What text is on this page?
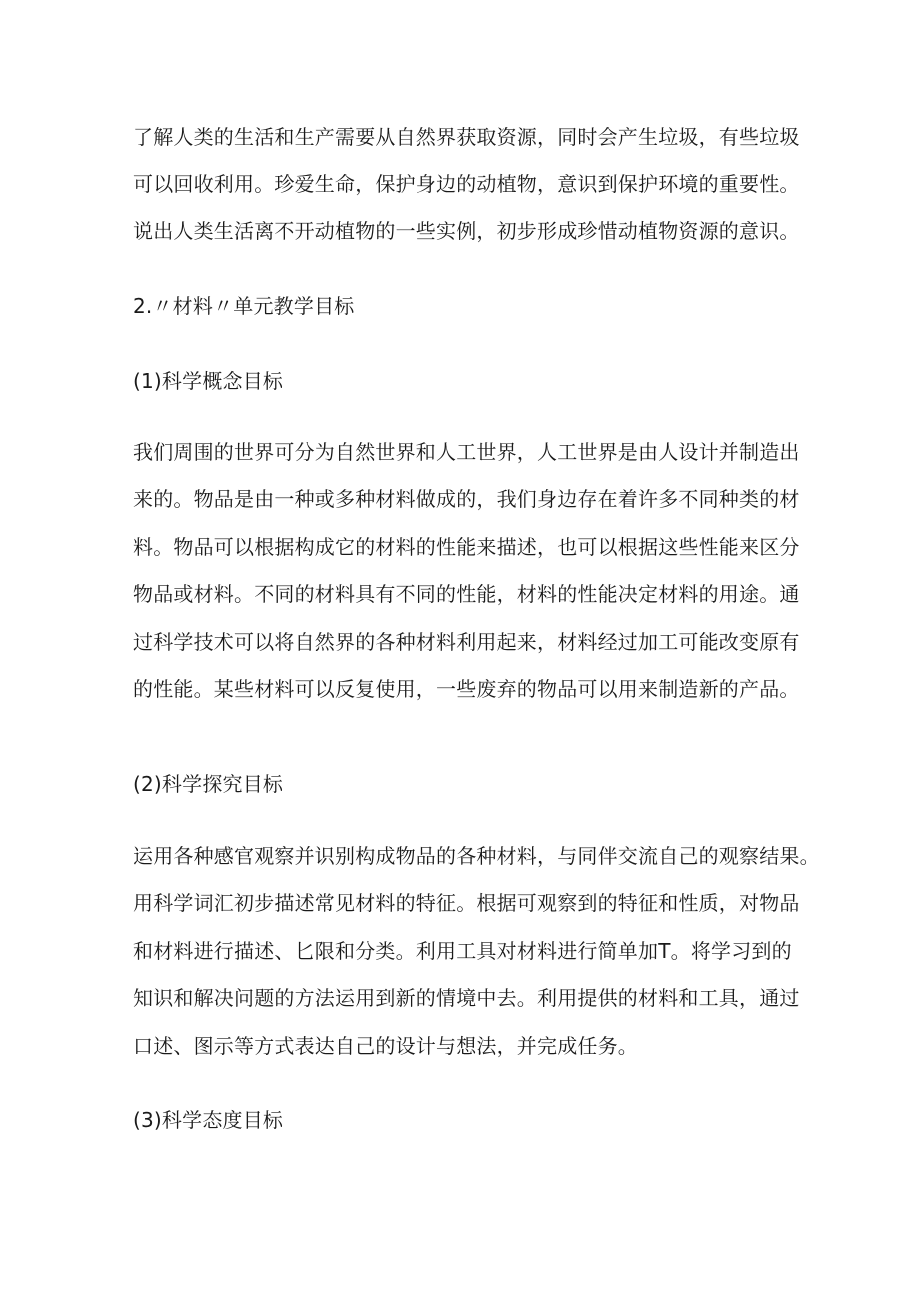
了解人类的生活和生产需要从自然界获取资源，同时会产生垃圾，有些垃圾
可以回收利用。珍爱生命，保护身边的动植物，意识到保护环境的重要性。
说出人类生活离不开动植物的一些实例，初步形成珍惜动植物资源的意识。
2.〃材料〃单元教学目标
(1)科学概念目标
我们周围的世界可分为自然世界和人工世界，人工世界是由人设计并制造出
来的。物品是由一种或多种材料做成的，我们身边存在着许多不同种类的材
料。物品可以根据构成它的材料的性能来描述，也可以根据这些性能来区分
物品或材料。不同的材料具有不同的性能，材料的性能决定材料的用途。通
过科学技术可以将自然界的各种材料利用起来，材料经过加工可能改变原有
的性能。某些材料可以反复使用，一些废弃的物品可以用来制造新的产品。
(2)科学探究目标
运用各种感官观察并识别构成物品的各种材料，与同伴交流自己的观察结果。
用科学词汇初步描述常见材料的特征。根据可观察到的特征和性质，对物品
和材料进行描述、匕限和分类。利用工具对材料进行简单加T。将学习到的
知识和解决问题的方法运用到新的情境中去。利用提供的材料和工具，通过
口述、图示等方式表达自己的设计与想法，并完成任务。
(3)科学态度目标
